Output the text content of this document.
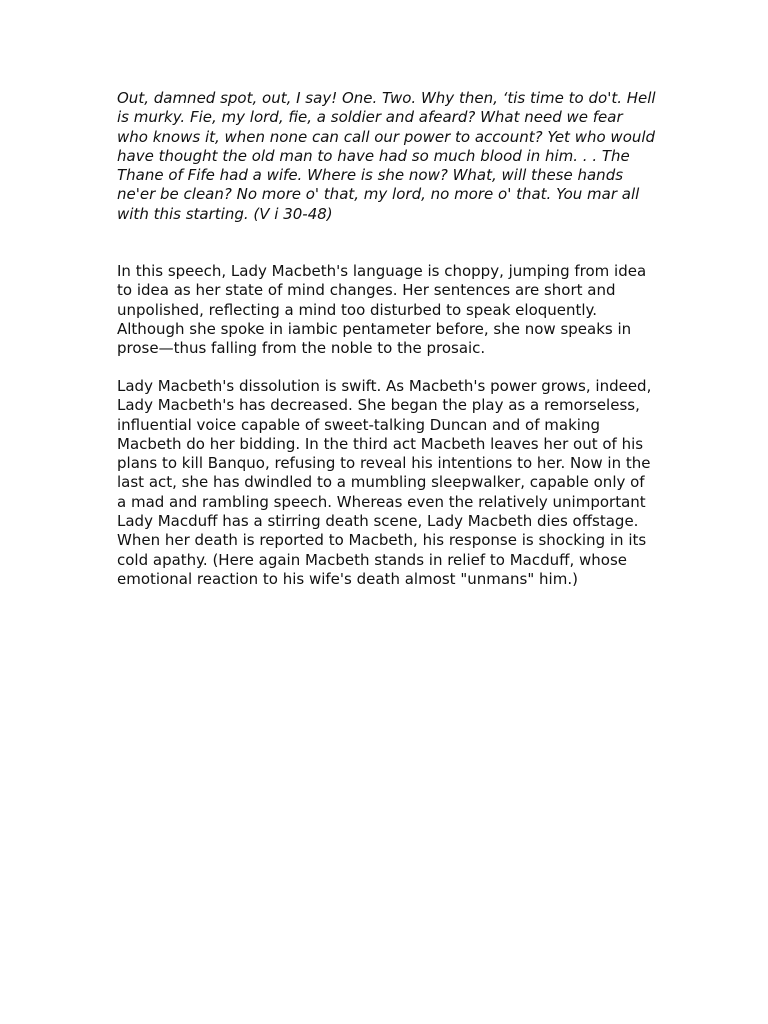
Out, damned spot, out, I say! One. Two. Why then, ‘tis time to do't. Hell is murky. Fie, my lord, fie, a soldier and afeard? What need we fear who knows it, when none can call our power to account? Yet who would have thought the old man to have had so much blood in him. . . The Thane of Fife had a wife. Where is she now? What, will these hands ne'er be clean? No more o' that, my lord, no more o' that. You mar all with this starting. (V i 30-48)

In this speech, Lady Macbeth's language is choppy, jumping from idea to idea as her state of mind changes. Her sentences are short and unpolished, reflecting a mind too disturbed to speak eloquently. Although she spoke in iambic pentameter before, she now speaks in prose—thus falling from the noble to the prosaic.

Lady Macbeth's dissolution is swift. As Macbeth's power grows, indeed, Lady Macbeth's has decreased. She began the play as a remorseless, influential voice capable of sweet-talking Duncan and of making Macbeth do her bidding. In the third act Macbeth leaves her out of his plans to kill Banquo, refusing to reveal his intentions to her. Now in the last act, she has dwindled to a mumbling sleepwalker, capable only of a mad and rambling speech. Whereas even the relatively unimportant Lady Macduff has a stirring death scene, Lady Macbeth dies offstage. When her death is reported to Macbeth, his response is shocking in its cold apathy. (Here again Macbeth stands in relief to Macduff, whose emotional reaction to his wife's death almost "unmans" him.)
